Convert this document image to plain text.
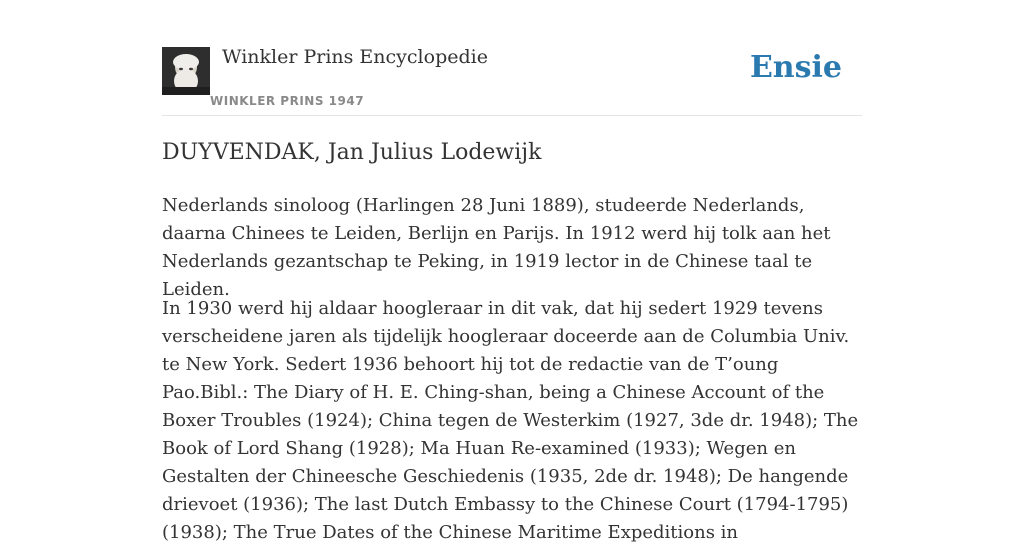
Winkler Prins Encyclopedie
WINKLER PRINS 1947
Ensie
DUYVENDAK, Jan Julius Lodewijk

Nederlands sinoloog (Harlingen 28 Juni 1889), studeerde Nederlands, daarna Chinees te Leiden, Berlijn en Parijs. In 1912 werd hij tolk aan het Nederlands gezantschap te Peking, in 1919 lector in de Chinese taal te Leiden.

In 1930 werd hij aldaar hoogleraar in dit vak, dat hij sedert 1929 tevens verscheidene jaren als tijdelijk hoogleraar doceerde aan de Columbia Univ. te New York. Sedert 1936 behoort hij tot de redactie van de T’oung Pao.Bibl.: The Diary of H. E. Ching-shan, being a Chinese Account of the Boxer Troubles (1924); China tegen de Westerkim (1927, 3de dr. 1948); The Book of Lord Shang (1928); Ma Huan Re-examined (1933); Wegen en Gestalten der Chineesche Geschiedenis (1935, 2de dr. 1948); De hangende drievoet (1936); The last Dutch Embassy to the Chinese Court (1794-1795) (1938); The True Dates of the Chinese Maritime Expeditions in
